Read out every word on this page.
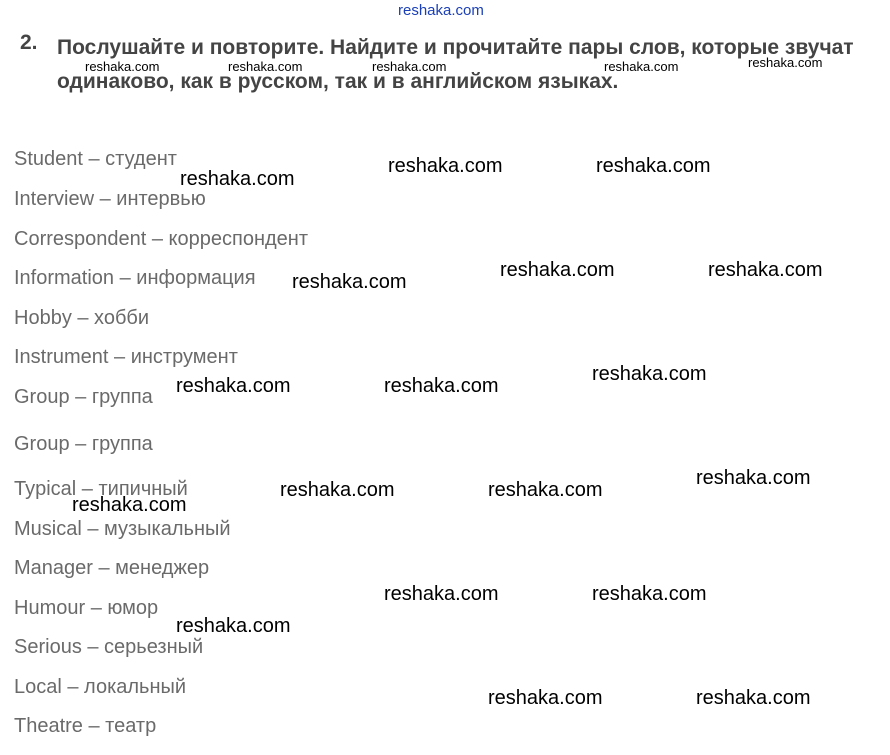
reshaka.com
2. Послушайте и повторите. Найдите и прочитайте пары слов, которые звучат одинаково, как в русском, так и в английском языках.
Student – студент
Interview – интервью
Correspondent – корреспондент
Information – информация
Hobby – хобби
Instrument – инструмент
Group – группа
Group – группа
Typical – типичный
Musical – музыкальный
Manager – менеджер
Humour – юмор
Serious – серьезный
Local – локальный
Theatre – театр
reshaka.com	reshaka.com	reshaka.com	reshaka.com	reshaka.com
reshaka.com	reshaka.com
reshaka.com
reshaka.com	reshaka.com
reshaka.com
reshaka.com
reshaka.com	reshaka.com
reshaka.com
reshaka.com	reshaka.com
reshaka.com
reshaka.com	reshaka.com
reshaka.com
reshaka.com	reshaka.com
